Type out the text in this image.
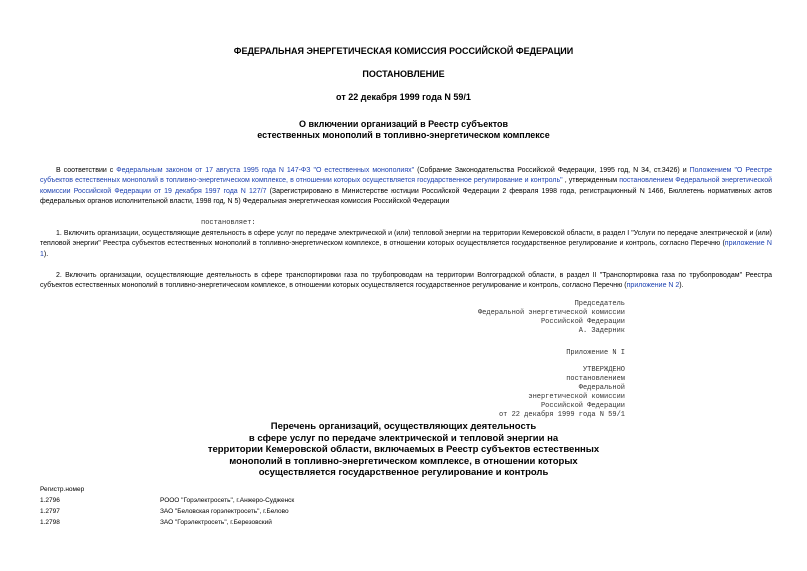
ФЕДЕРАЛЬНАЯ ЭНЕРГЕТИЧЕСКАЯ КОМИССИЯ РОССИЙСКОЙ ФЕДЕРАЦИИ
ПОСТАНОВЛЕНИЕ
от 22 декабря 1999 года N 59/1
О включении организаций в Реестр субъектов
естественных монополий в топливно-энергетическом комплексе
В соответствии с Федеральным законом от 17 августа 1995 года N 147-ФЗ "О естественных монополиях" (Собрание Законодательства Российской Федерации, 1995 год, N 34, ст.3426) и Положением "О Реестре субъектов естественных монополий в топливно-энергетическом комплексе, в отношении которых осуществляется государственное регулирование и контроль" , утвержденным постановлением Федеральной энергетической комиссии Российской Федерации от 19 декабря 1997 года N 127/7 (Зарегистрировано в Министерстве юстиции Российской Федерации 2 февраля 1998 года, регистрационный N 1466, Бюллетень нормативных актов федеральных органов исполнительной власти, 1998 год, N 5) Федеральная энергетическая комиссия Российской Федерации
постановляет:
1. Включить организации, осуществляющие деятельность в сфере услуг по передаче электрической и (или) тепловой энергии на территории Кемеровской области, в раздел I "Услуги по передаче электрической и (или) тепловой энергии" Реестра субъектов естественных монополий в топливно-энергетическом комплексе, в отношении которых осуществляется государственное регулирование и контроль, согласно Перечню (приложение N 1).
2. Включить организации, осуществляющие деятельность в сфере транспортировки газа по трубопроводам на территории Волгоградской области, в раздел II "Транспортировка газа по трубопроводам" Реестра субъектов естественных монополий в топливно-энергетическом комплексе, в отношении которых осуществляется государственное регулирование и контроль, согласно Перечню (приложение N 2).
Председатель
Федеральной энергетической комиссии
Российской Федерации
А. Задерник
Приложение N I
УТВЕРЖДЕНО
постановлением
Федеральной
энергетической комиссии
Российской Федерации
от 22 декабря 1999 года N 59/1
Перечень организаций, осуществляющих деятельность
в сфере услуг по передаче электрической и тепловой энергии на
территории Кемеровской области, включаемых в Реестр субъектов естественных
монополий в топливно-энергетическом комплексе, в отношении которых
осуществляется государственное регулирование и контроль
Регистр.номер
1.2796	РООО "Горэлектросеть", г.Анжеро-Судженск
1.2797	ЗАО "Беловская горэлектросеть", г.Белово
1.2798	ЗАО "Горэлектросеть", г.Березовский
